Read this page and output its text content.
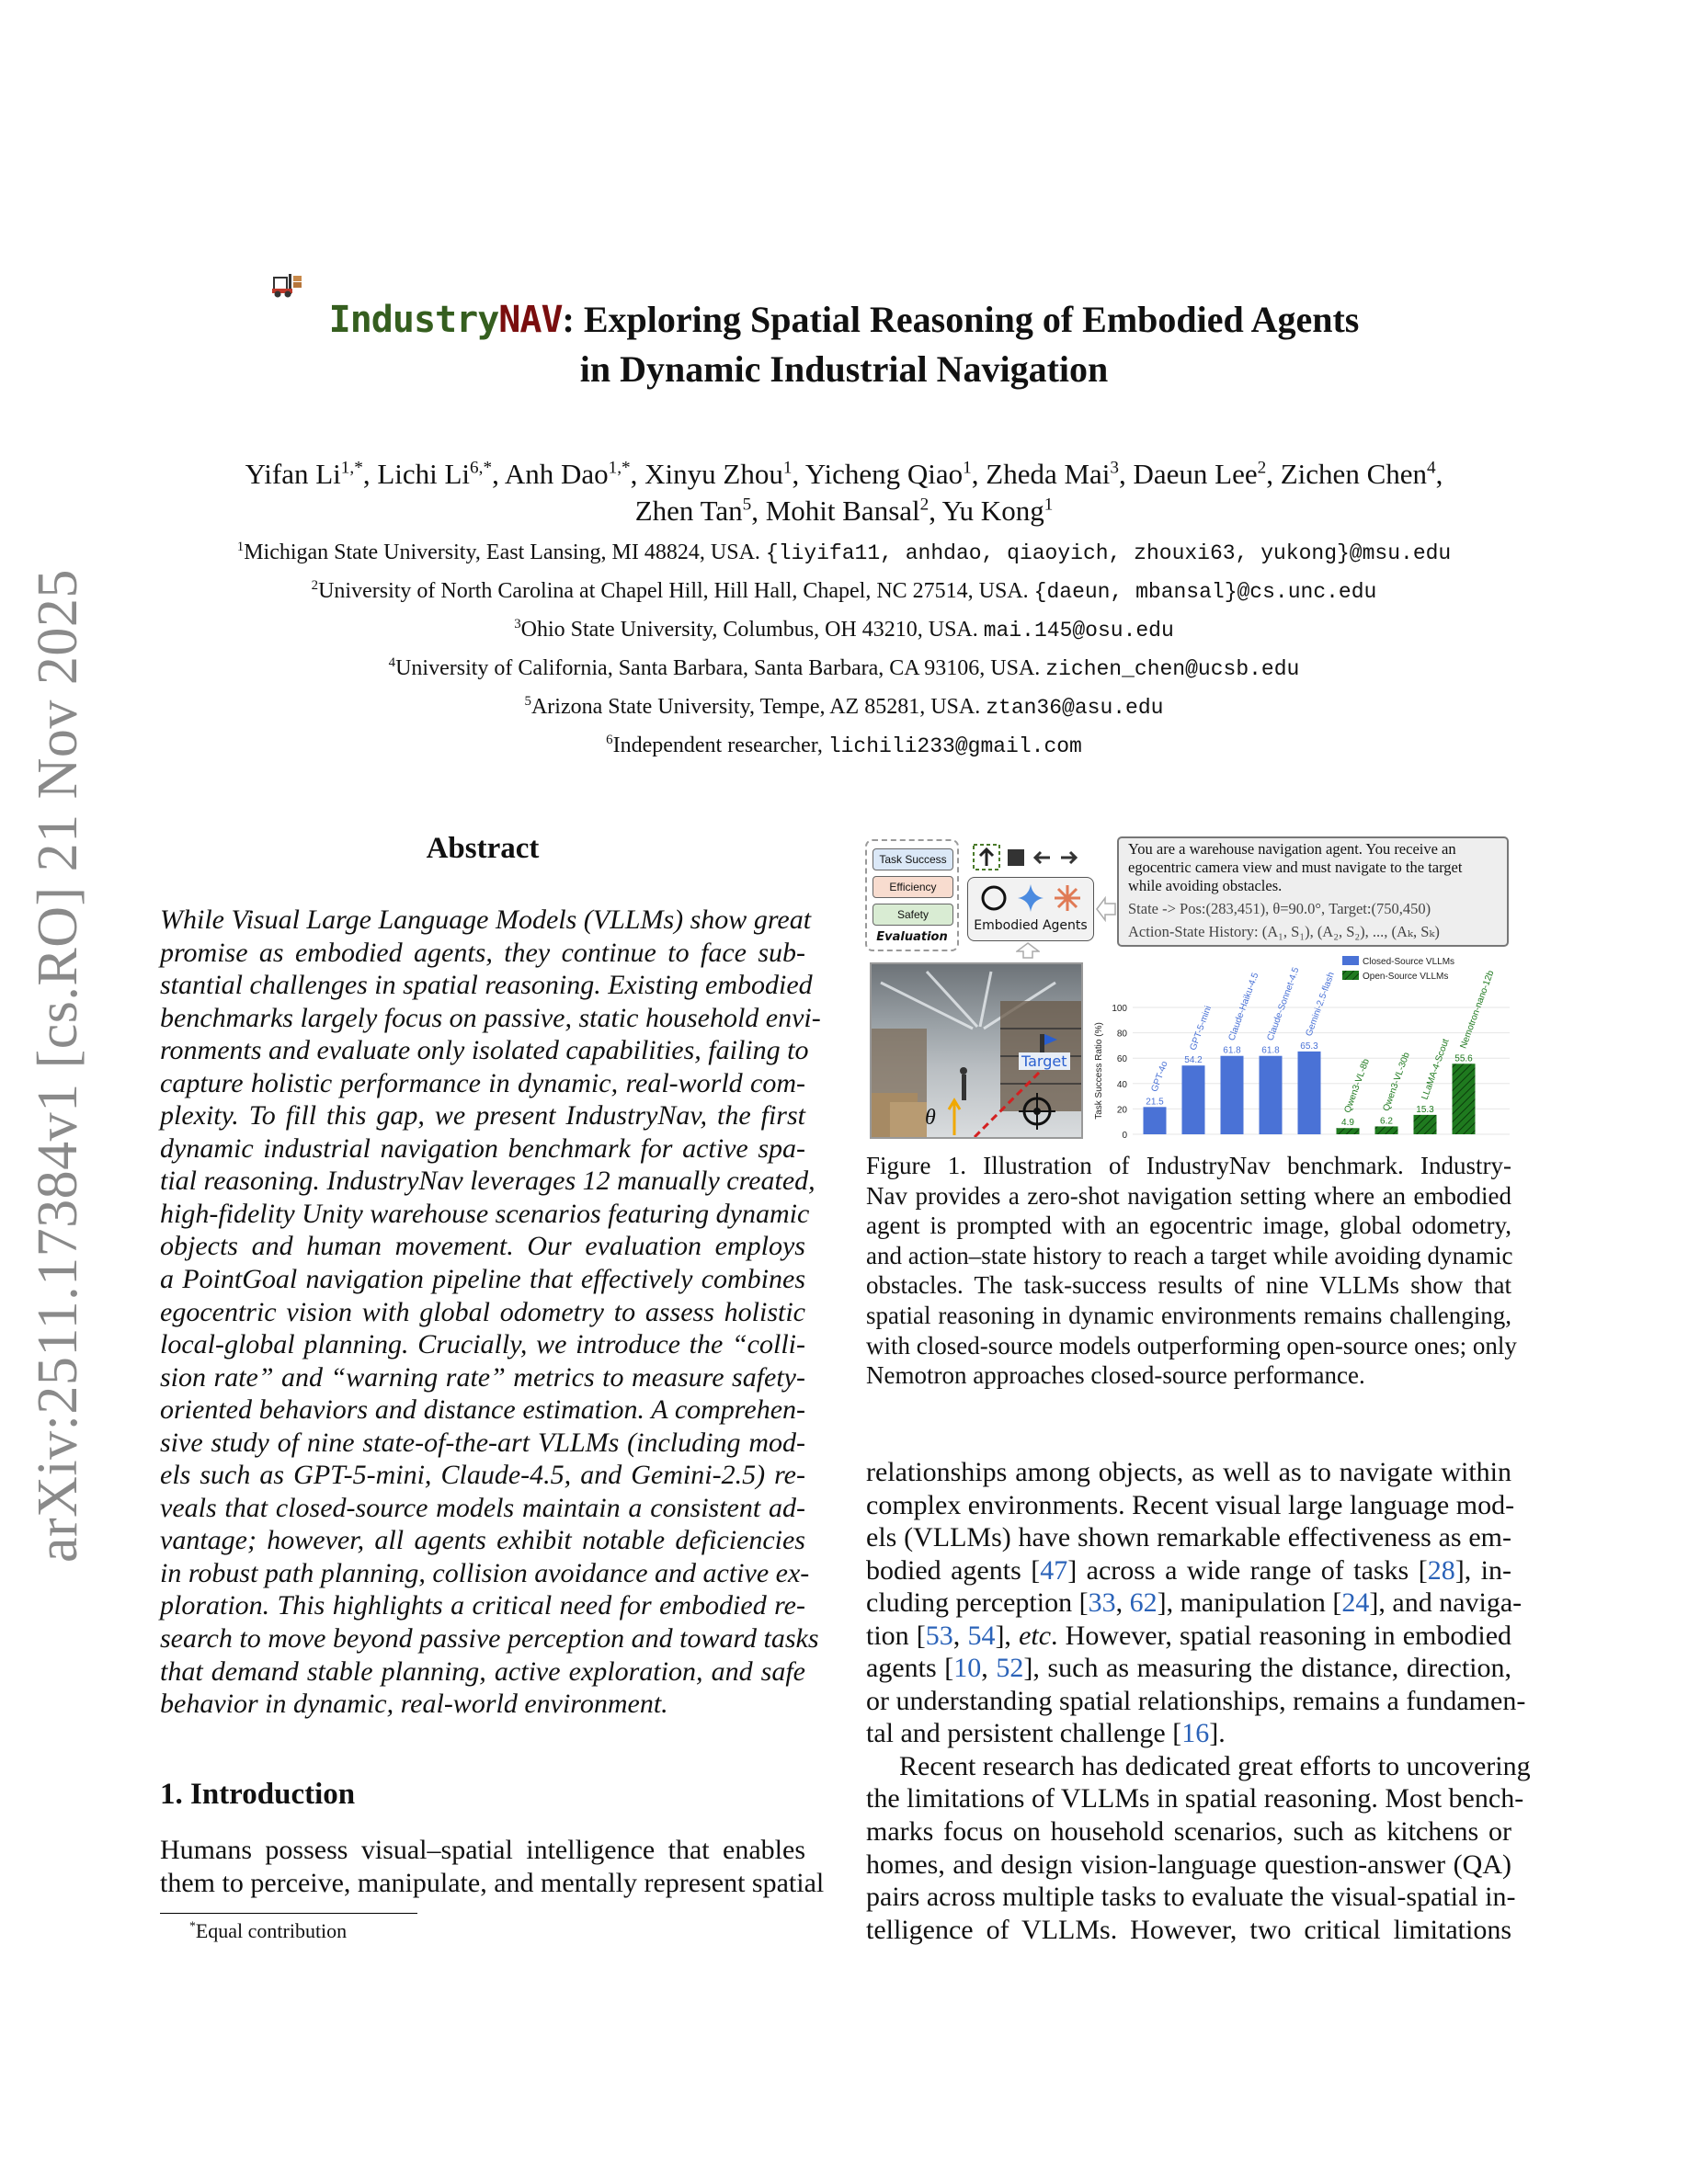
arXiv:2511.17384v1 [cs.RO] 21 Nov 2025
IndustryNAV: Exploring Spatial Reasoning of Embodied Agents
in Dynamic Industrial Navigation
Yifan $Li^{1,*}$, Lichi $Li^{6,*}$, Anh Dao$^{1,*}$, Xinyu Zhou$^1$, Yicheng Qiao$^1$, Zheda Mai$^3$, Daeun Lee$^2$, Zichen Chen$^4$,
Zhen Tan$^5$, Mohit Bansal$^2$, Yu Kong$^1$
$^1$Michigan State University, East Lansing, MI 48824, USA. {liyifa11, anhdao, qiaoyich, zhouxi63, yukong}@msu.edu
$^2$University of North Carolina at Chapel Hill, Hill Hall, Chapel, NC 27514, USA. {daeun, mbansal}@cs.unc.edu
$^3$Ohio State University, Columbus, OH 43210, USA. mai.145@osu.edu
$^4$University of California, Santa Barbara, Santa Barbara, CA 93106, USA. zichen_chen@ucsb.edu
$^5$Arizona State University, Tempe, AZ 85281, USA. ztan36@asu.edu
$^6$Independent researcher, lichili233@gmail.com
Abstract
While Visual Large Language Models (VLLMs) show great
promise as embodied agents, they continue to face sub-
stantial challenges in spatial reasoning. Existing embodied
benchmarks largely focus on passive, static household envi-
ronments and evaluate only isolated capabilities, failing to
capture holistic performance in dynamic, real-world com-
plexity. To fill this gap, we present IndustryNav, the first
dynamic industrial navigation benchmark for active spa-
tial reasoning. IndustryNav leverages 12 manually created,
high-fidelity Unity warehouse scenarios featuring dynamic
objects and human movement. Our evaluation employs
a PointGoal navigation pipeline that effectively combines
egocentric vision with global odometry to assess holistic
local-global planning. Crucially, we introduce the “colli-
sion rate” and “warning rate” metrics to measure safety-
oriented behaviors and distance estimation. A comprehen-
sive study of nine state-of-the-art VLLMs (including mod-
els such as GPT-5-mini, Claude-4.5, and Gemini-2.5) re-
veals that closed-source models maintain a consistent ad-
vantage; however, all agents exhibit notable deficiencies
in robust path planning, collision avoidance and active ex-
ploration. This highlights a critical need for embodied re-
search to move beyond passive perception and toward tasks
that demand stable planning, active exploration, and safe
behavior in dynamic, real-world environment.
1. Introduction
Humans possess visual–spatial intelligence that enables
them to perceive, manipulate, and mentally represent spatial
*Equal contribution
relationships among objects, as well as to navigate within
complex environments. Recent visual large language mod-
els (VLLMs) have shown remarkable effectiveness as em-
bodied agents [47] across a wide range of tasks [28], in-
cluding perception [33, 62], manipulation [24], and naviga-
tion [53, 54], etc. However, spatial reasoning in embodied
agents [10, 52], such as measuring the distance, direction,
or understanding spatial relationships, remains a fundamen-
tal and persistent challenge [16].
Recent research has dedicated great efforts to uncovering
the limitations of VLLMs in spatial reasoning. Most bench-
marks focus on household scenarios, such as kitchens or
homes, and design vision-language question-answer (QA)
pairs across multiple tasks to evaluate the visual-spatial in-
telligence of VLLMs. However, two critical limitations
Task Success
Efficiency
Safety
Evaluation
Embodied Agents
You are a warehouse navigation agent. You receive an egocentric camera view and must navigate to the target while avoiding obstacles.
State -> Pos:(283,451), θ=90.0°, Target:(750,450)
Action-State History: (A₁, S₁), (A₂, S₂), ..., (Aₖ, Sₖ)
Target
θ
0
20
40
60
80
100
Task Success Ratio (%)	21.5
GPT-4o 54.2
GPT-5-mini 61.8
Claude-Haiku-4.5
61.8
Claude-Sonnet-4.5
65.3
Gemini-2.5-flash
4.9
Qwen3-VL-8b
6.2
Qwen3-VL-30b 15.3
LLaMA-4-Scout 55.6
Nemotron-nano-12b
Closed-Source VLLMs
Open-Source VLLMs
Figure 1. Illustration of IndustryNav benchmark. Industry-
Nav provides a zero-shot navigation setting where an embodied
agent is prompted with an egocentric image, global odometry,
and action–state history to reach a target while avoiding dynamic
obstacles. The task-success results of nine VLLMs show that
spatial reasoning in dynamic environments remains challenging,
with closed-source models outperforming open-source ones; only
Nemotron approaches closed-source performance.
